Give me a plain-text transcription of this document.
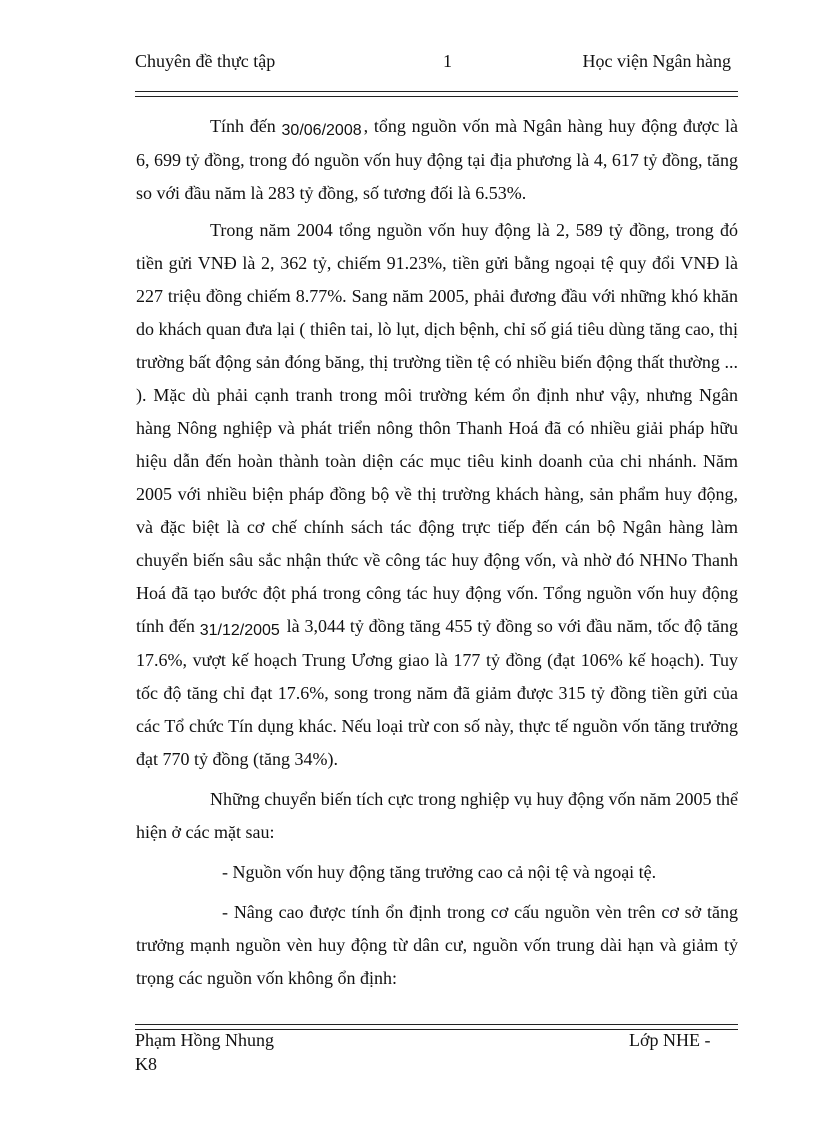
Chuyên đề thực tập	1	Học viện Ngân hàng

Tính đến 30/06/2008 , tổng nguồn vốn mà Ngân hàng huy động được là 6, 699 tỷ đồng, trong đó nguồn vốn huy động tại địa phương là 4, 617 tỷ đồng, tăng so với đầu năm là 283 tỷ đồng, số tương đối là 6.53%.

Trong năm 2004 tổng nguồn vốn huy động là 2, 589 tỷ đồng, trong đó tiền gửi VNĐ là 2, 362 tỷ, chiếm 91.23%, tiền gửi bằng ngoại tệ quy đổi VNĐ là 227 triệu đồng chiếm 8.77%. Sang năm 2005, phải đương đầu với những khó khăn do khách quan đưa lại ( thiên tai, lò lụt, dịch bệnh, chỉ số giá tiêu dùng tăng cao, thị trường bất động sản đóng băng, thị trường tiền tệ có nhiều biến động thất thường ... ). Mặc dù phải cạnh tranh trong môi trường kém ổn định như vậy, nhưng Ngân hàng Nông nghiệp và phát triển nông thôn Thanh Hoá đã có nhiều giải pháp hữu hiệu dẫn đến hoàn thành toàn diện các mục tiêu kinh doanh của chi nhánh. Năm 2005 với nhiều biện pháp đồng bộ về thị trường khách hàng, sản phẩm huy động, và đặc biệt là cơ chế chính sách tác động trực tiếp đến cán bộ Ngân hàng làm chuyển biến sâu sắc nhận thức về công tác huy động vốn, và nhờ đó NHNo Thanh Hoá đã tạo bước đột phá trong công tác huy động vốn. Tổng nguồn vốn huy động tính đến 31/12/2005 là 3,044 tỷ đồng tăng 455 tỷ đồng so với đầu năm, tốc độ tăng 17.6%, vượt kế hoạch Trung Ương giao là 177 tỷ đồng (đạt 106% kế hoạch). Tuy tốc độ tăng chỉ đạt 17.6%, song trong năm đã giảm được 315 tỷ đồng tiền gửi của các Tổ chức Tín dụng khác. Nếu loại trừ con số này, thực tế nguồn vốn tăng trưởng đạt 770 tỷ đồng (tăng 34%).

Những chuyển biến tích cực trong nghiệp vụ huy động vốn năm 2005 thể hiện ở các mặt sau:

- Nguồn vốn huy động tăng trưởng cao cả nội tệ và ngoại tệ.

- Nâng cao được tính ổn định trong cơ cấu nguồn vèn trên cơ sở tăng trưởng mạnh nguồn vèn huy động từ dân cư, nguồn vốn trung dài hạn và giảm tỷ trọng các nguồn vốn không ổn định:

Phạm Hồng Nhung K8
Lớp NHE -
